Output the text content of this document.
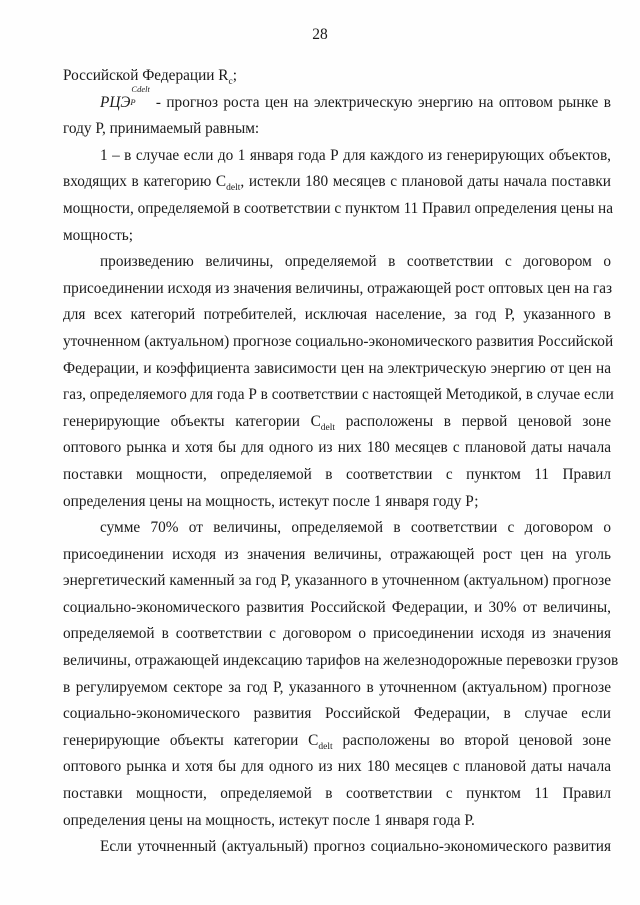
28
Российской Федерации $R_c$;
РЦЭ
Cdelt
P - прогноз роста цен на электрическую энергию на оптовом рынке в
году Р, принимаемый равным:
1 – в случае если до 1 января года Р для каждого из генерирующих объектов,
входящих в категорию $C_{delt}$, истекли 180 месяцев с плановой даты начала поставки
мощности, определяемой в соответствии с пунктом 11 Правил определения цены на
мощность;
произведению величины, определяемой в соответствии с договором о
присоединении исходя из значения величины, отражающей рост оптовых цен на газ
для всех категорий потребителей, исключая население, за год Р, указанного в
уточненном (актуальном) прогнозе социально-экономического развития Российской
Федерации, и коэффициента зависимости цен на электрическую энергию от цен на
газ, определяемого для года Р в соответствии с настоящей Методикой, в случае если
генерирующие объекты категории $C_{delt}$ расположены в первой ценовой зоне
оптового рынка и хотя бы для одного из них 180 месяцев с плановой даты начала
поставки мощности, определяемой в соответствии с пунктом 11 Правил
определения цены на мощность, истекут после 1 января году Р;
сумме 70% от величины, определяемой в соответствии с договором о
присоединении исходя из значения величины, отражающей рост цен на уголь
энергетический каменный за год Р, указанного в уточненном (актуальном) прогнозе
социально-экономического развития Российской Федерации, и 30% от величины,
определяемой в соответствии с договором о присоединении исходя из значения
величины, отражающей индексацию тарифов на железнодорожные перевозки грузов
в регулируемом секторе за год Р, указанного в уточненном (актуальном) прогнозе
социально-экономического развития Российской Федерации, в случае если
генерирующие объекты категории $C_{delt}$ расположены во второй ценовой зоне
оптового рынка и хотя бы для одного из них 180 месяцев с плановой даты начала
поставки мощности, определяемой в соответствии с пунктом 11 Правил
определения цены на мощность, истекут после 1 января года Р.
Если уточненный (актуальный) прогноз социально-экономического развития
